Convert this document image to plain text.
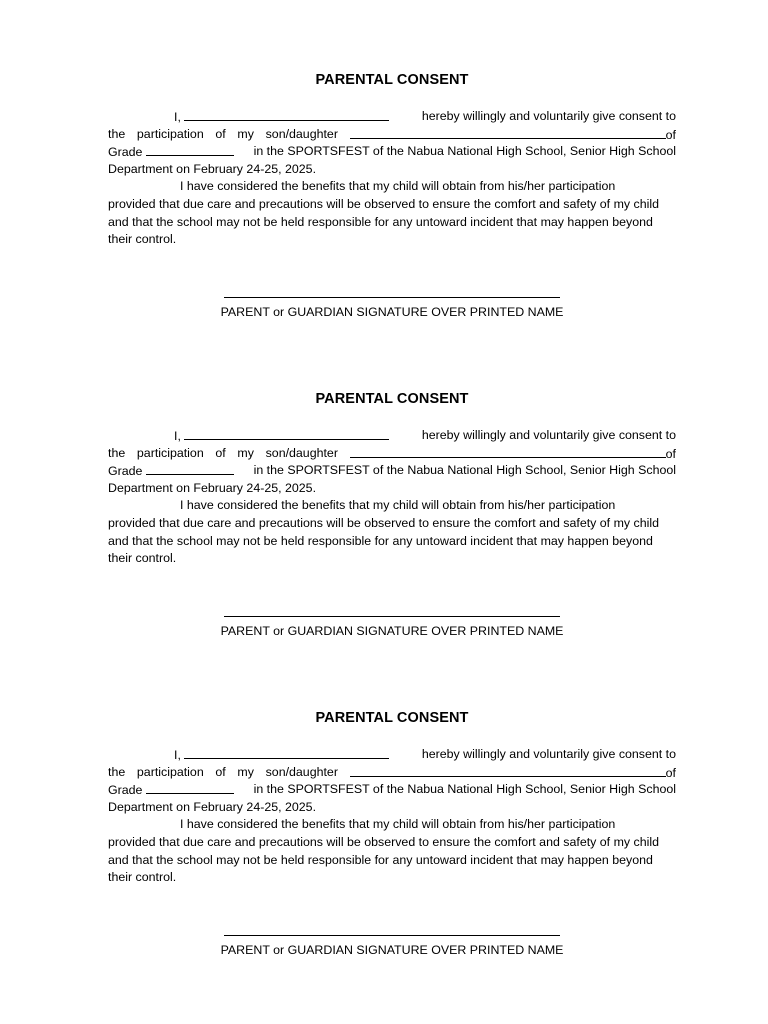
PARENTAL CONSENT
I,	hereby willingly and voluntarily give consent to
the participation of my son/daughter	of
Grade	in the SPORTSFEST of the Nabua National High School, Senior High School
Department on February 24-25, 2025.
I have considered the benefits that my child will obtain from his/her participation
provided that due care and precautions will be observed to ensure the comfort and safety of my child
and that the school may not be held responsible for any untoward incident that may happen beyond
their control.
PARENT or GUARDIAN SIGNATURE OVER PRINTED NAME
PARENTAL CONSENT
I,	hereby willingly and voluntarily give consent to
the participation of my son/daughter	of
Grade	in the SPORTSFEST of the Nabua National High School, Senior High School
Department on February 24-25, 2025.
I have considered the benefits that my child will obtain from his/her participation
provided that due care and precautions will be observed to ensure the comfort and safety of my child
and that the school may not be held responsible for any untoward incident that may happen beyond
their control.
PARENT or GUARDIAN SIGNATURE OVER PRINTED NAME
PARENTAL CONSENT
I,	hereby willingly and voluntarily give consent to
the participation of my son/daughter	of
Grade	in the SPORTSFEST of the Nabua National High School, Senior High School
Department on February 24-25, 2025.
I have considered the benefits that my child will obtain from his/her participation
provided that due care and precautions will be observed to ensure the comfort and safety of my child
and that the school may not be held responsible for any untoward incident that may happen beyond
their control.
PARENT or GUARDIAN SIGNATURE OVER PRINTED NAME
